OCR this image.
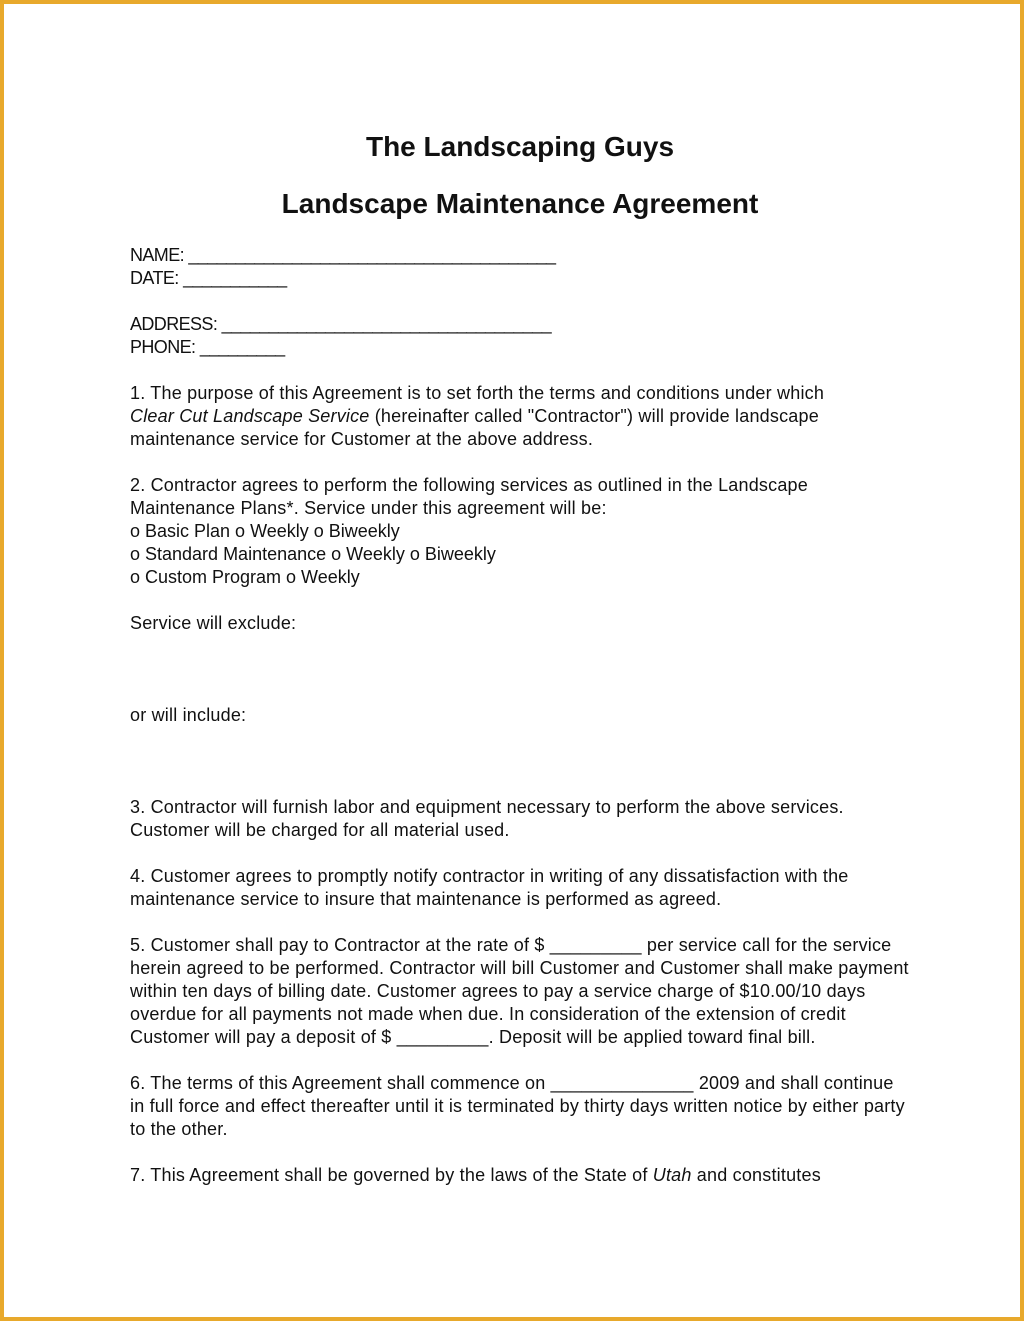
The Landscaping Guys
Landscape Maintenance Agreement
NAME: _______________________________________
DATE: ___________
ADDRESS: ___________________________________
PHONE: _________

1. The purpose of this Agreement is to set forth the terms and conditions under which
Clear Cut Landscape Service (hereinafter called "Contractor") will provide landscape maintenance service for Customer at the above address.

2. Contractor agrees to perform the following services as outlined in the Landscape Maintenance Plans*. Service under this agreement will be:

o Basic Plan o Weekly o Biweekly
o Standard Maintenance o Weekly o Biweekly
o Custom Program o Weekly

Service will exclude:

or will include:

3. Contractor will furnish labor and equipment necessary to perform the above services. Customer will be charged for all material used.

4. Customer agrees to promptly notify contractor in writing of any dissatisfaction with the maintenance service to insure that maintenance is performed as agreed.

5. Customer shall pay to Contractor at the rate of $ _________ per service call for the service herein agreed to be performed. Contractor will bill Customer and Customer shall make payment within ten days of billing date. Customer agrees to pay a service charge of $10.00/10 days overdue for all payments not made when due. In consideration of the extension of credit Customer will pay a deposit of $ _________. Deposit will be applied toward final bill.

6. The terms of this Agreement shall commence on ______________ 2009 and shall continue in full force and effect thereafter until it is terminated by thirty days written notice by either party to the other.

7. This Agreement shall be governed by the laws of the State of Utah and constitutes
